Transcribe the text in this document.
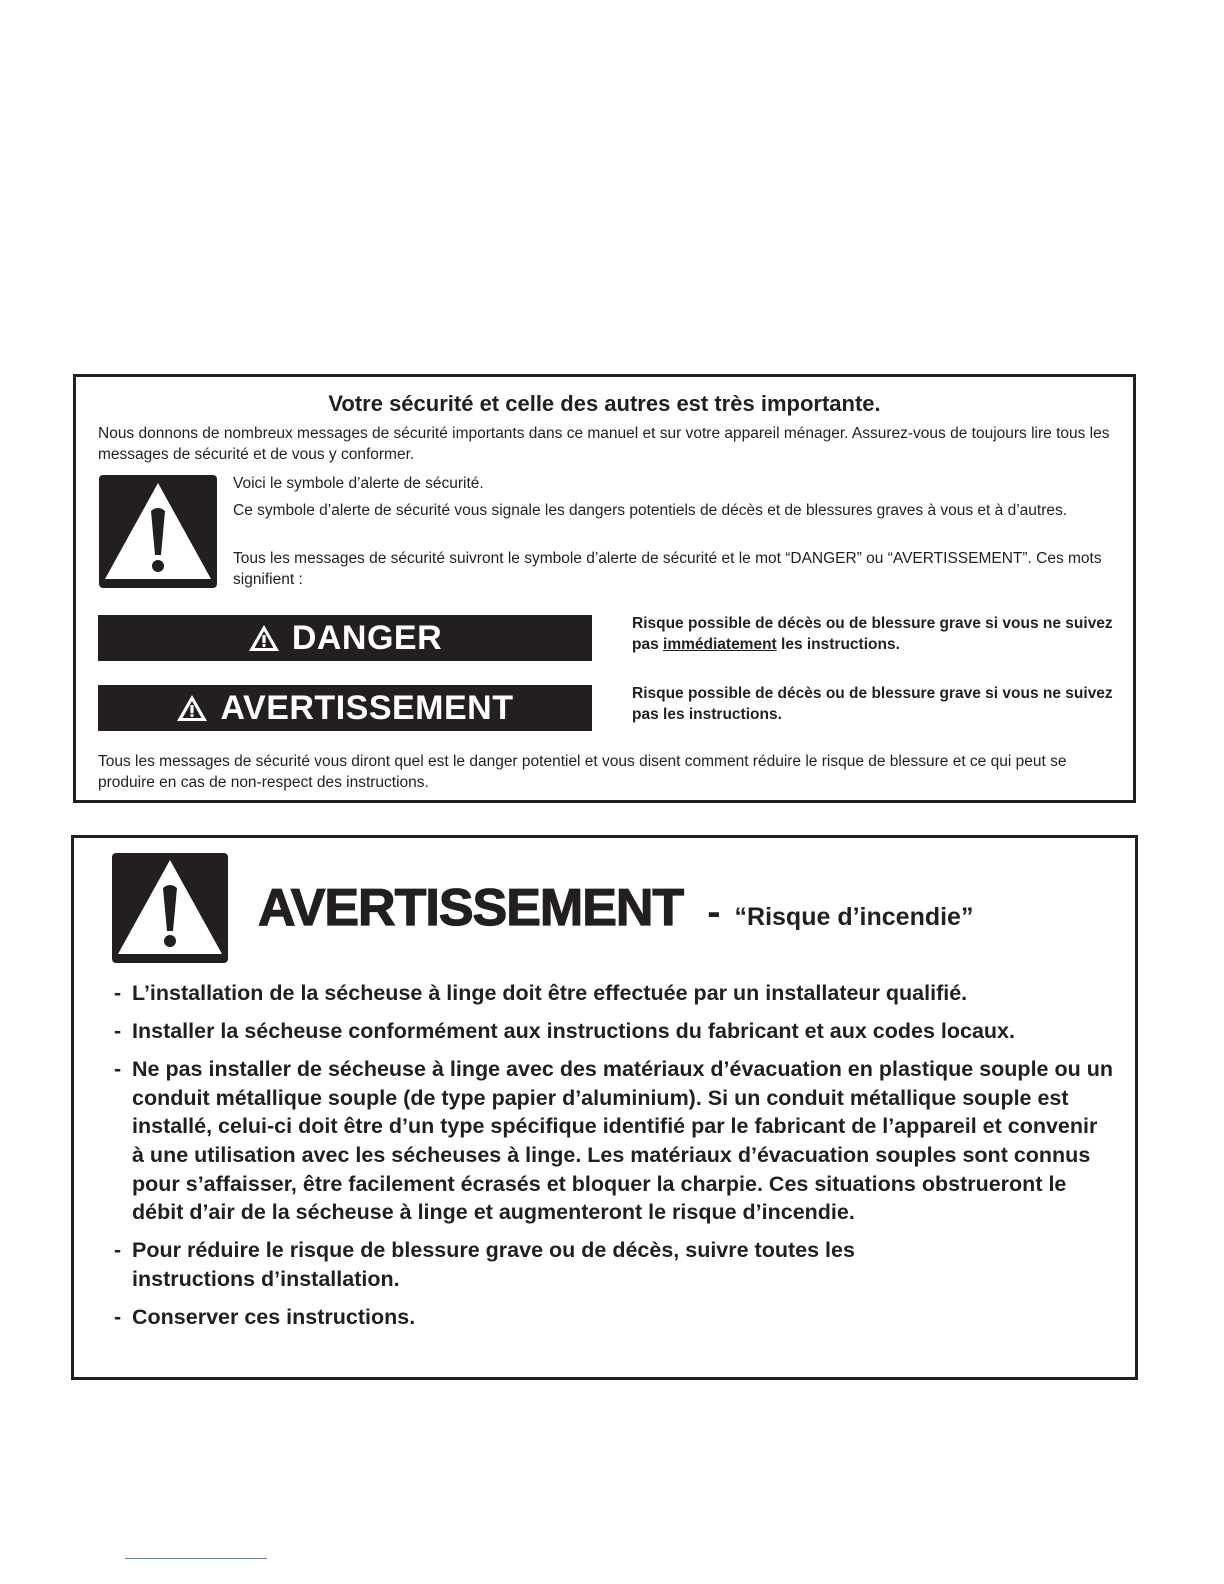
Votre sécurité et celle des autres est très importante.

Nous donnons de nombreux messages de sécurité importants dans ce manuel et sur votre appareil ménager. Assurez-vous de toujours lire tous les messages de sécurité et de vous y conformer.

Voici le symbole d’alerte de sécurité.

Ce symbole d’alerte de sécurité vous signale les dangers potentiels de décès et de blessures graves à vous et à d’autres.

Tous les messages de sécurité suivront le symbole d’alerte de sécurité et le mot “DANGER” ou “AVERTISSEMENT”. Ces mots signifient :

DANGER	Risque possible de décès ou de blessure grave si vous ne suivez pas immédiatement les instructions.

AVERTISSEMENT	Risque possible de décès ou de blessure grave si vous ne suivez pas les instructions.

Tous les messages de sécurité vous diront quel est le danger potentiel et vous disent comment réduire le risque de blessure et ce qui peut se produire en cas de non-respect des instructions.

AVERTISSEMENT - “Risque d’incendie”
- L’installation de la sécheuse à linge doit être effectuée par un installateur qualifié.
- Installer la sécheuse conformément aux instructions du fabricant et aux codes locaux.
- Ne pas installer de sécheuse à linge avec des matériaux d’évacuation en plastique souple ou un conduit métallique souple (de type papier d’aluminium). Si un conduit métallique souple est installé, celui-ci doit être d’un type spécifique identifié par le fabricant de l’appareil et convenir à une utilisation avec les sécheuses à linge. Les matériaux d’évacuation souples sont connus pour s’affaisser, être facilement écrasés et bloquer la charpie. Ces situations obstrueront le débit d’air de la sécheuse à linge et augmenteront le risque d’incendie.
- Pour réduire le risque de blessure grave ou de décès, suivre toutes les instructions d’installation.
- Conserver ces instructions.
